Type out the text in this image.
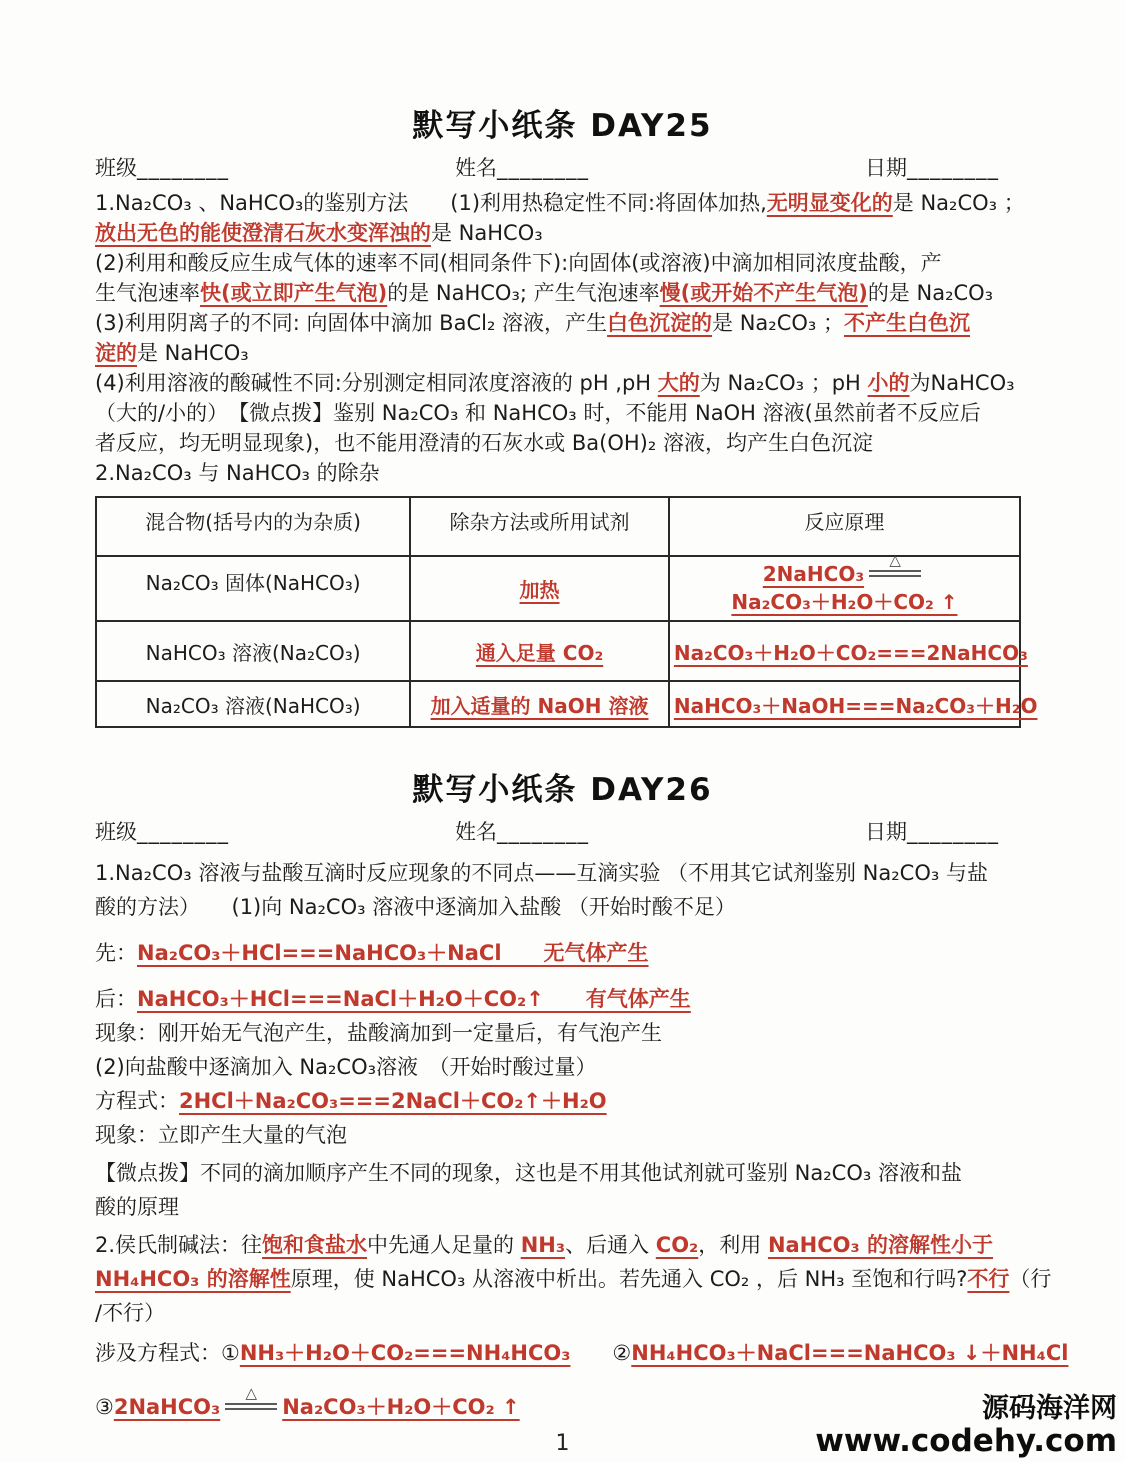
默写小纸条 DAY25
班级________	姓名________	日期________
1.Na₂CO₃ 、NaHCO₃的鉴别方法　　(1)利用热稳定性不同:将固体加热,无明显变化的是 Na₂CO₃ ；
放出无色的能使澄清石灰水变浑浊的是 NaHCO₃
(2)利用和酸反应生成气体的速率不同(相同条件下):向固体(或溶液)中滴加相同浓度盐酸，产
生气泡速率快(或立即产生气泡)的是 NaHCO₃; 产生气泡速率慢(或开始不产生气泡)的是 Na₂CO₃
(3)利用阴离子的不同: 向固体中滴加 BaCl₂ 溶液，产生白色沉淀的是 Na₂CO₃ ；不产生白色沉
淀的是 NaHCO₃
(4)利用溶液的酸碱性不同:分别测定相同浓度溶液的 pH ,pH 大的为 Na₂CO₃ ；pH 小的为NaHCO₃
（大的/小的）　【微点拨】鉴别 Na₂CO₃ 和 NaHCO₃ 时，不能用 NaOH 溶液(虽然前者不反应后
者反应，均无明显现象)，也不能用澄清的石灰水或 Ba(OH)₂ 溶液，均产生白色沉淀
2.Na₂CO₃ 与 NaHCO₃ 的除杂
混合物(括号内的为杂质)	除杂方法或所用试剂	反应原理
Na₂CO₃ 固体(NaHCO₃)	加热	2NaHCO₃
△
Na₂CO₃＋H₂O＋CO₂ ↑
NaHCO₃ 溶液(Na₂CO₃)	通入足量 CO₂	Na₂CO₃＋H₂O＋CO₂===2NaHCO₃
Na₂CO₃ 溶液(NaHCO₃)	加入适量的 NaOH 溶液	NaHCO₃＋NaOH===Na₂CO₃＋H₂O
默写小纸条 DAY26
班级________	姓名________	日期________
1.Na₂CO₃ 溶液与盐酸互滴时反应现象的不同点——互滴实验 （不用其它试剂鉴别 Na₂CO₃ 与盐
酸的方法）　　(1)向 Na₂CO₃ 溶液中逐滴加入盐酸 （开始时酸不足）
先：Na₂CO₃＋HCl===NaHCO₃＋NaCl　　无气体产生
后：NaHCO₃＋HCl===NaCl＋H₂O＋CO₂↑　　有气体产生
现象：刚开始无气泡产生，盐酸滴加到一定量后，有气泡产生
(2)向盐酸中逐滴加入 Na₂CO₃溶液　（开始时酸过量）
方程式：2HCl＋Na₂CO₃===2NaCl＋CO₂↑＋H₂O
现象：立即产生大量的气泡
【微点拨】不同的滴加顺序产生不同的现象，这也是不用其他试剂就可鉴别 Na₂CO₃ 溶液和盐
酸的原理
2.侯氏制碱法：往饱和食盐水中先通人足量的 NH₃、后通入 CO₂，利用 NaHCO₃ 的溶解性小于
NH₄HCO₃ 的溶解性原理，使 NaHCO₃ 从溶液中析出。若先通入 CO₂ ，后 NH₃ 至饱和行吗?不行（行
/不行）
涉及方程式：①NH₃＋H₂O＋CO₂===NH₄HCO₃　　②NH₄HCO₃＋NaCl===NaHCO₃ ↓＋NH₄Cl
③2NaHCO₃
△
Na₂CO₃＋H₂O＋CO₂ ↑
1
源码海洋网
www.codehy.com
